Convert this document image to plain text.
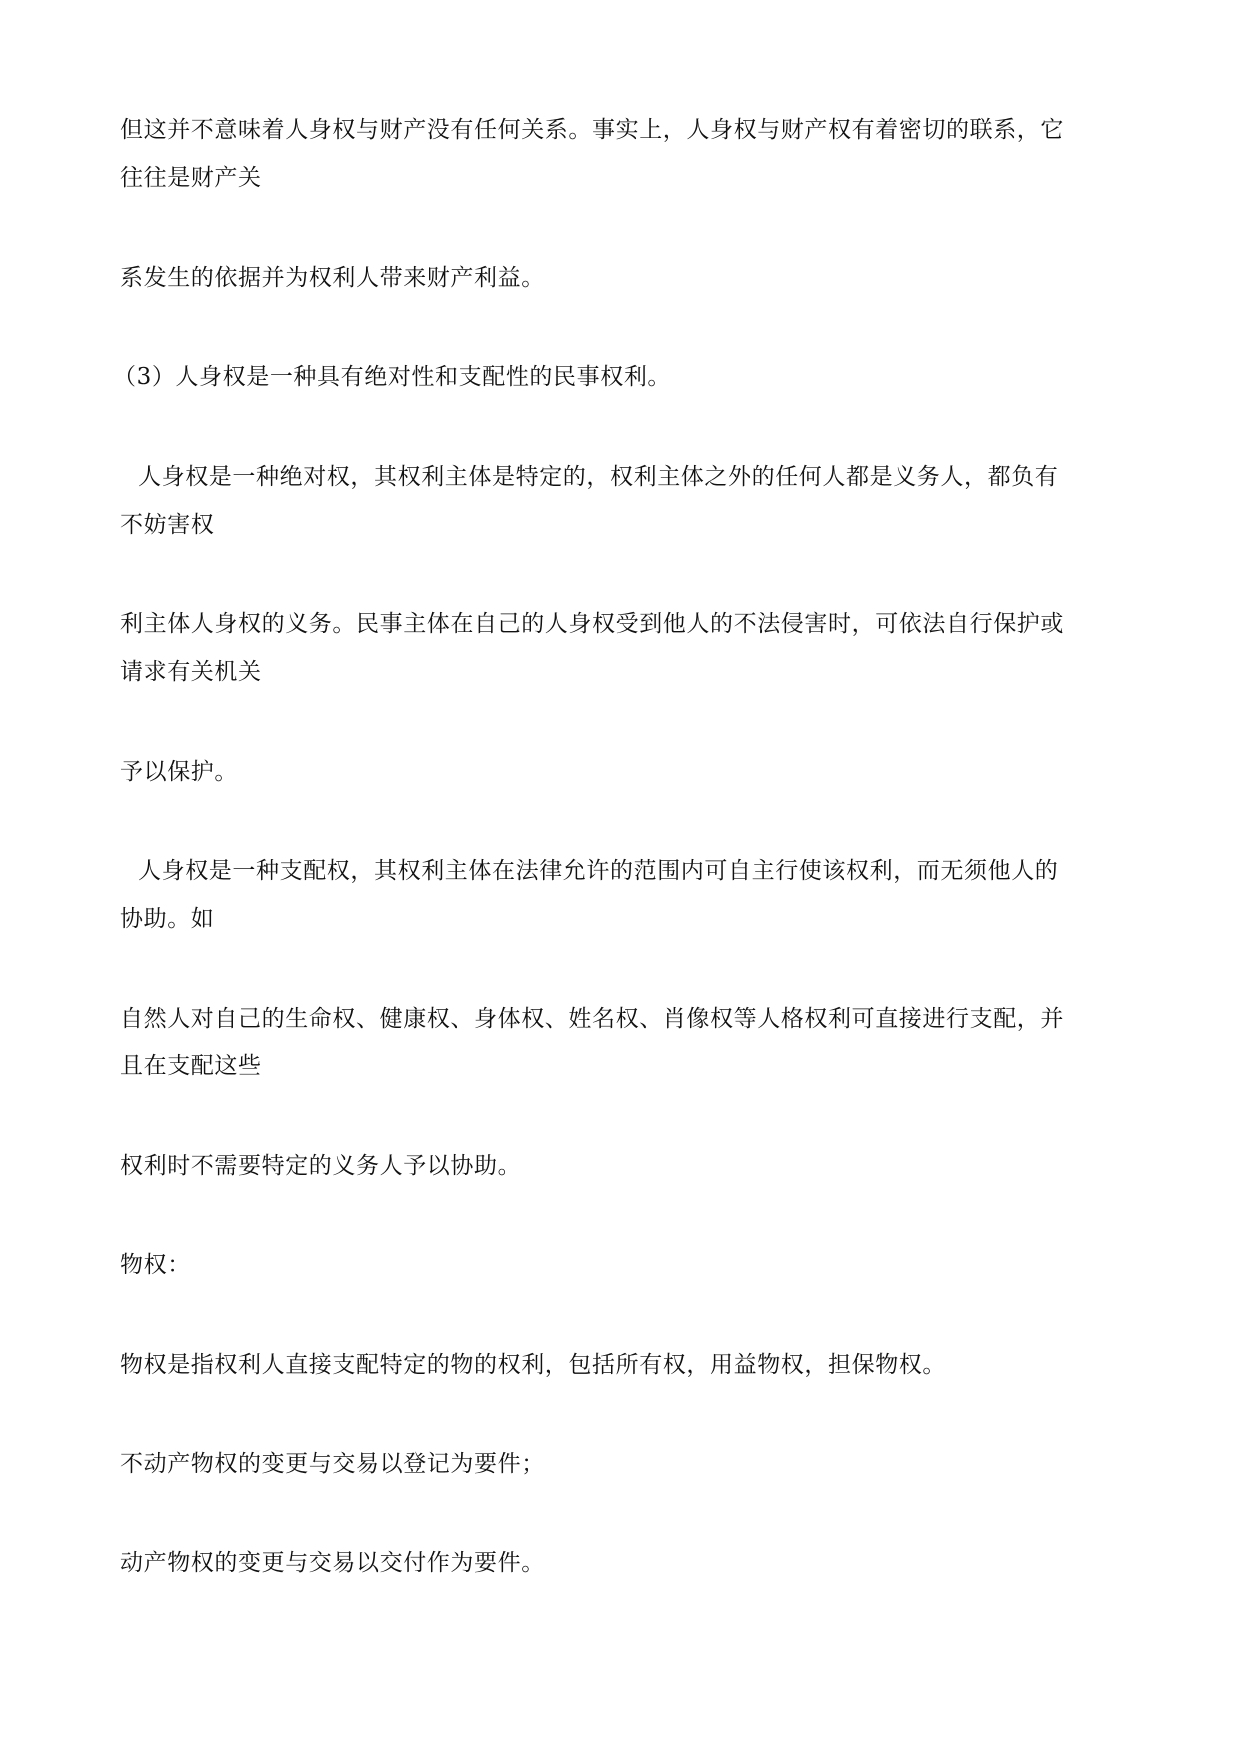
但这并不意味着人身权与财产没有任何关系。事实上，人身权与财产权有着密切的联系，它
往往是财产关
系发生的依据并为权利人带来财产利益。
（3）人身权是一种具有绝对性和支配性的民事权利。
人身权是一种绝对权，其权利主体是特定的，权利主体之外的任何人都是义务人，都负有
不妨害权
利主体人身权的义务。民事主体在自己的人身权受到他人的不法侵害时，可依法自行保护或
请求有关机关
予以保护。
人身权是一种支配权，其权利主体在法律允许的范围内可自主行使该权利，而无须他人的
协助。如
自然人对自己的生命权、健康权、身体权、姓名权、肖像权等人格权利可直接进行支配，并
且在支配这些
权利时不需要特定的义务人予以协助。
物权：
物权是指权利人直接支配特定的物的权利，包括所有权，用益物权，担保物权。
不动产物权的变更与交易以登记为要件；
动产物权的变更与交易以交付作为要件。
